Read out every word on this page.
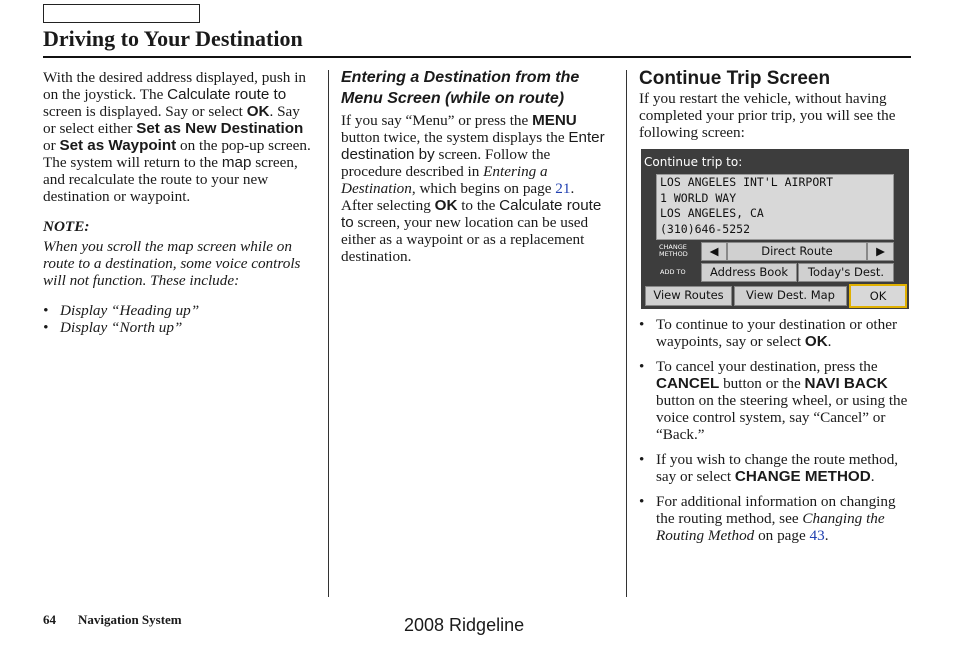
Driving to Your Destination

With the desired address displayed, push in on the joystick. The Calculate route to screen is displayed. Say or select OK. Say or select either Set as New Destination or Set as Waypoint on the pop-up screen. The system will return to the map screen, and recalculate the route to your new destination or waypoint.

NOTE:

When you scroll the map screen while on route to a destination, some voice controls will not function. These include:

• Display “Heading up”
• Display “North up”

Entering a Destination from the Menu Screen (while on route)

If you say “Menu” or press the MENU button twice, the system displays the Enter destination by screen. Follow the procedure described in Entering a Destination, which begins on page 21. After selecting OK to the Calculate route to screen, your new location can be used either as a waypoint or as a replacement destination.

Continue Trip Screen

If you restart the vehicle, without having completed your prior trip, you will see the following screen:

Continue trip to:
LOS ANGELES INT'L AIRPORT
1 WORLD WAY
LOS ANGELES, CA
(310)646-5252
CHANGE
METHOD	◀	Direct Route	▶
ADD TO	Address Book	Today's Dest.
View Routes	View Dest. Map	OK
• To continue to your destination or other waypoints, say or select OK.
• To cancel your destination, press the CANCEL button or the NAVI BACK button on the steering wheel, or using the voice control system, say “Cancel” or “Back.”
• If you wish to change the route method, say or select CHANGE METHOD.
• For additional information on changing the routing method, see Changing the Routing Method on page 43.
64 Navigation System	2008 Ridgeline
